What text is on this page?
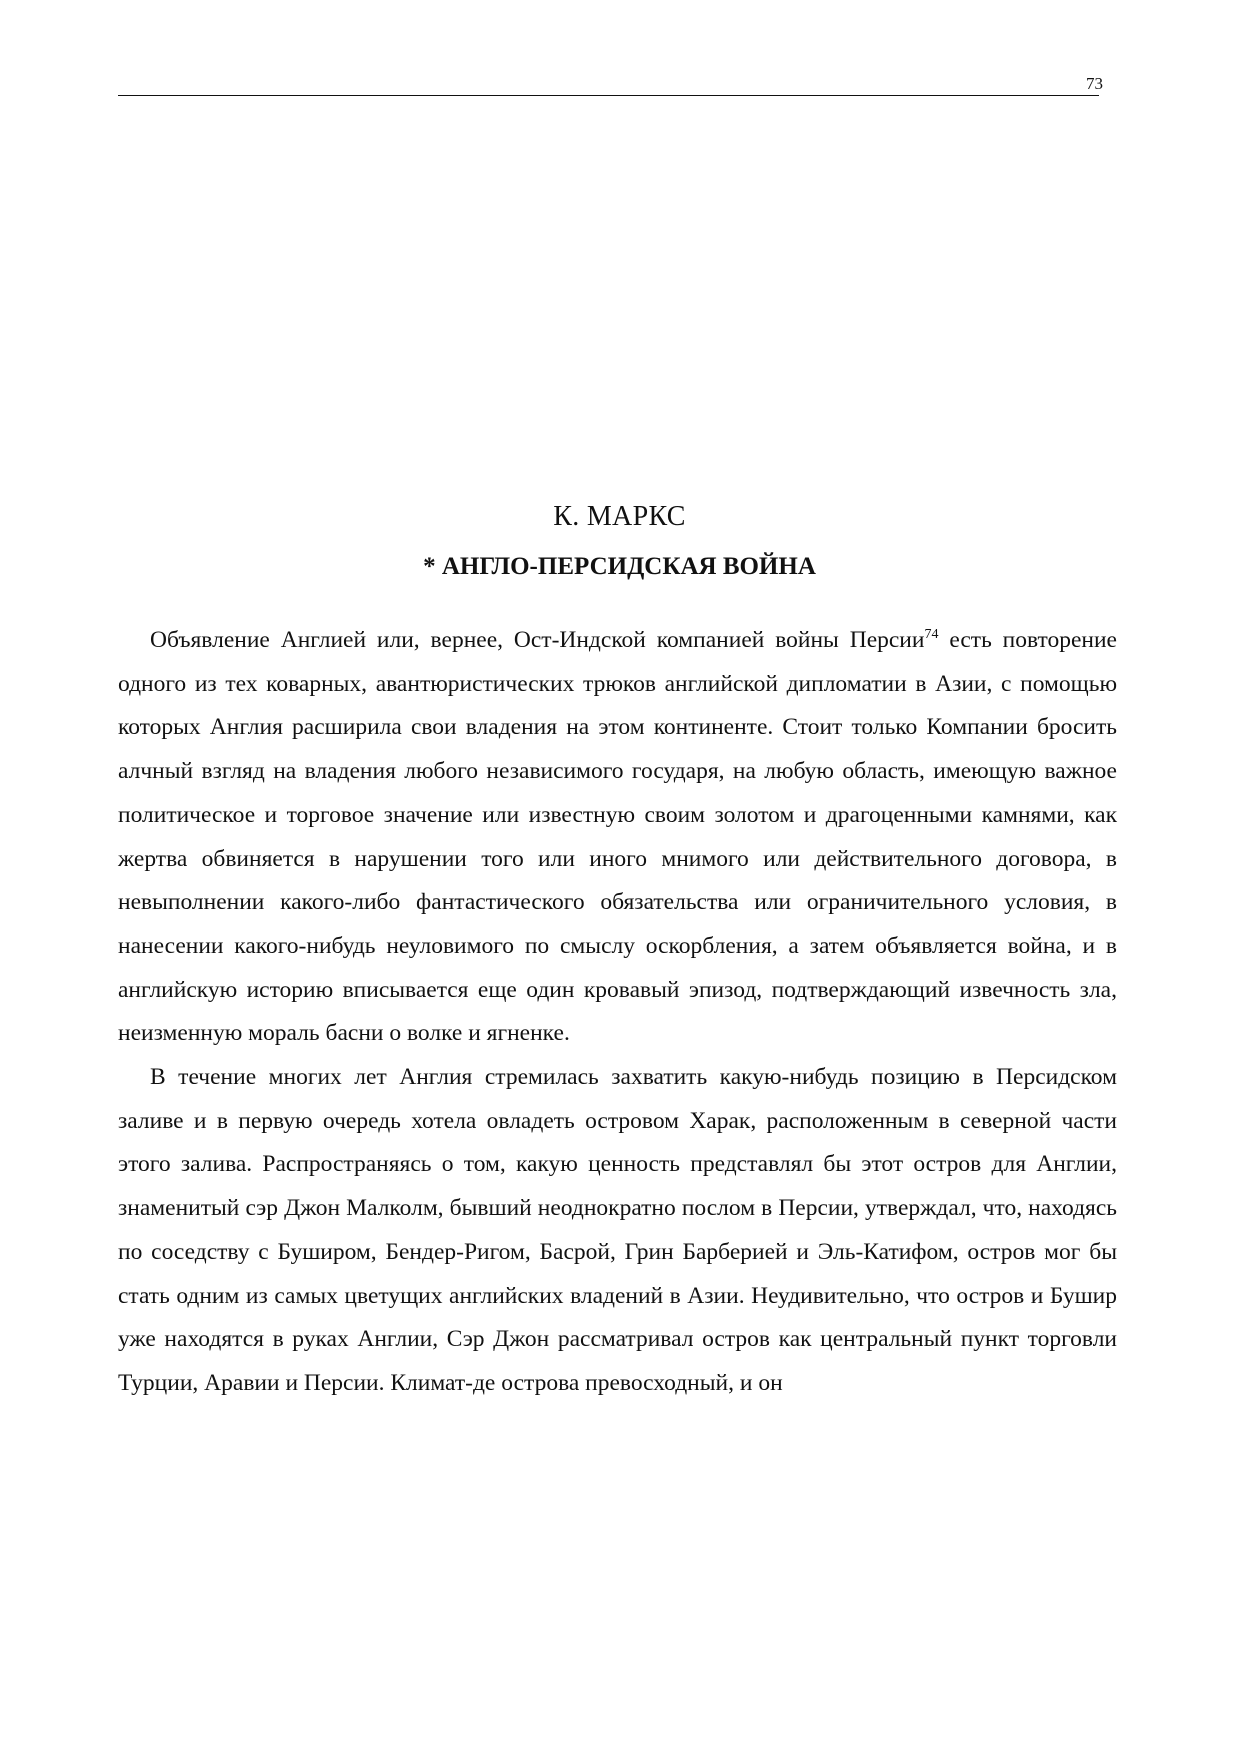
73
К. МАРКС
* АНГЛО-ПЕРСИДСКАЯ ВОЙНА

Объявление Англией или, вернее, Ост-Индской компанией войны Персии$^{74}$ есть повторение одного из тех коварных, авантюристических трюков английской дипломатии в Азии, с помощью которых Англия расширила свои владения на этом континенте. Стоит только Компании бросить алчный взгляд на владения любого независимого государя, на любую область, имеющую важное политическое и торговое значение или известную своим золотом и драгоценными камнями, как жертва обвиняется в нарушении того или иного мнимого или действительного договора, в невыполнении какого-либо фантастического обязательства или ограничительного условия, в нанесении какого-нибудь неуловимого по смыслу оскорбления, а затем объявляется война, и в английскую историю вписывается еще один кровавый эпизод, подтверждающий извечность зла, неизменную мораль басни о волке и ягненке.

В течение многих лет Англия стремилась захватить какую-нибудь позицию в Персидском заливе и в первую очередь хотела овладеть островом Харак, расположенным в северной части этого залива. Распространяясь о том, какую ценность представлял бы этот остров для Англии, знаменитый сэр Джон Малколм, бывший неоднократно послом в Персии, утверждал, что, находясь по соседству с Буширом, Бендер-Ригом, Басрой, Грин Барберией и Эль-Катифом, остров мог бы стать одним из самых цветущих английских владений в Азии. Неудивительно, что остров и Бушир уже находятся в руках Англии, Сэр Джон рассматривал остров как центральный пункт торговли Турции, Аравии и Персии. Климат-де острова превосходный, и он
